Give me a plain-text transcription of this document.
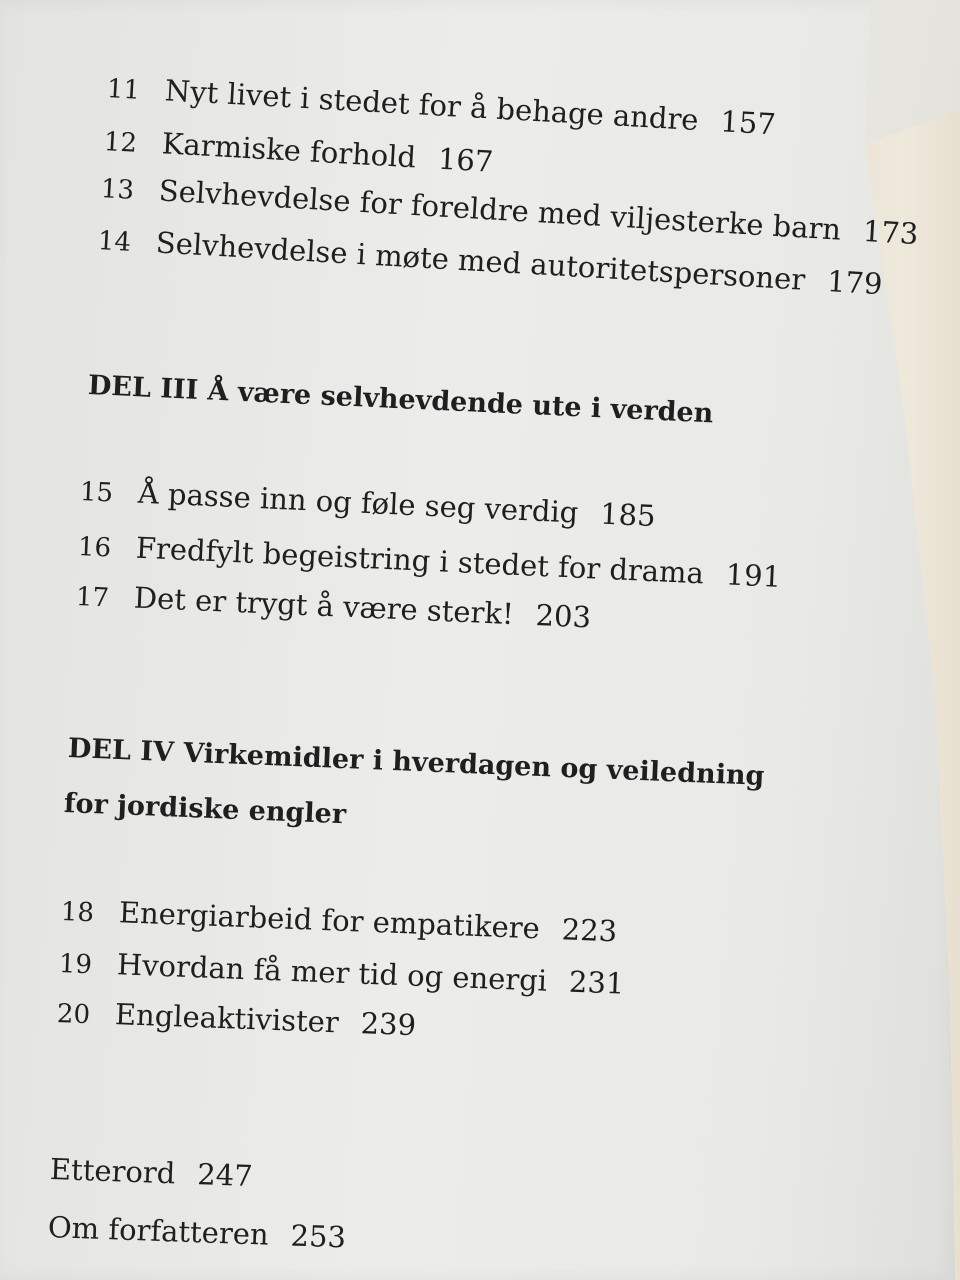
11 Nyt livet i stedet for å behage andre 157
12 Karmiske forhold 167
13 Selvhevdelse for foreldre med viljesterke barn 173
14 Selvhevdelse i møte med autoritetspersoner 179
DEL III Å være selvhevdende ute i verden
15 Å passe inn og føle seg verdig 185
16 Fredfylt begeistring i stedet for drama 191
17 Det er trygt å være sterk! 203
DEL IV Virkemidler i hverdagen og veiledning
for jordiske engler
18 Energiarbeid for empatikere 223
19 Hvordan få mer tid og energi 231
20 Engleaktivister 239
Etterord 247
Om forfatteren 253
